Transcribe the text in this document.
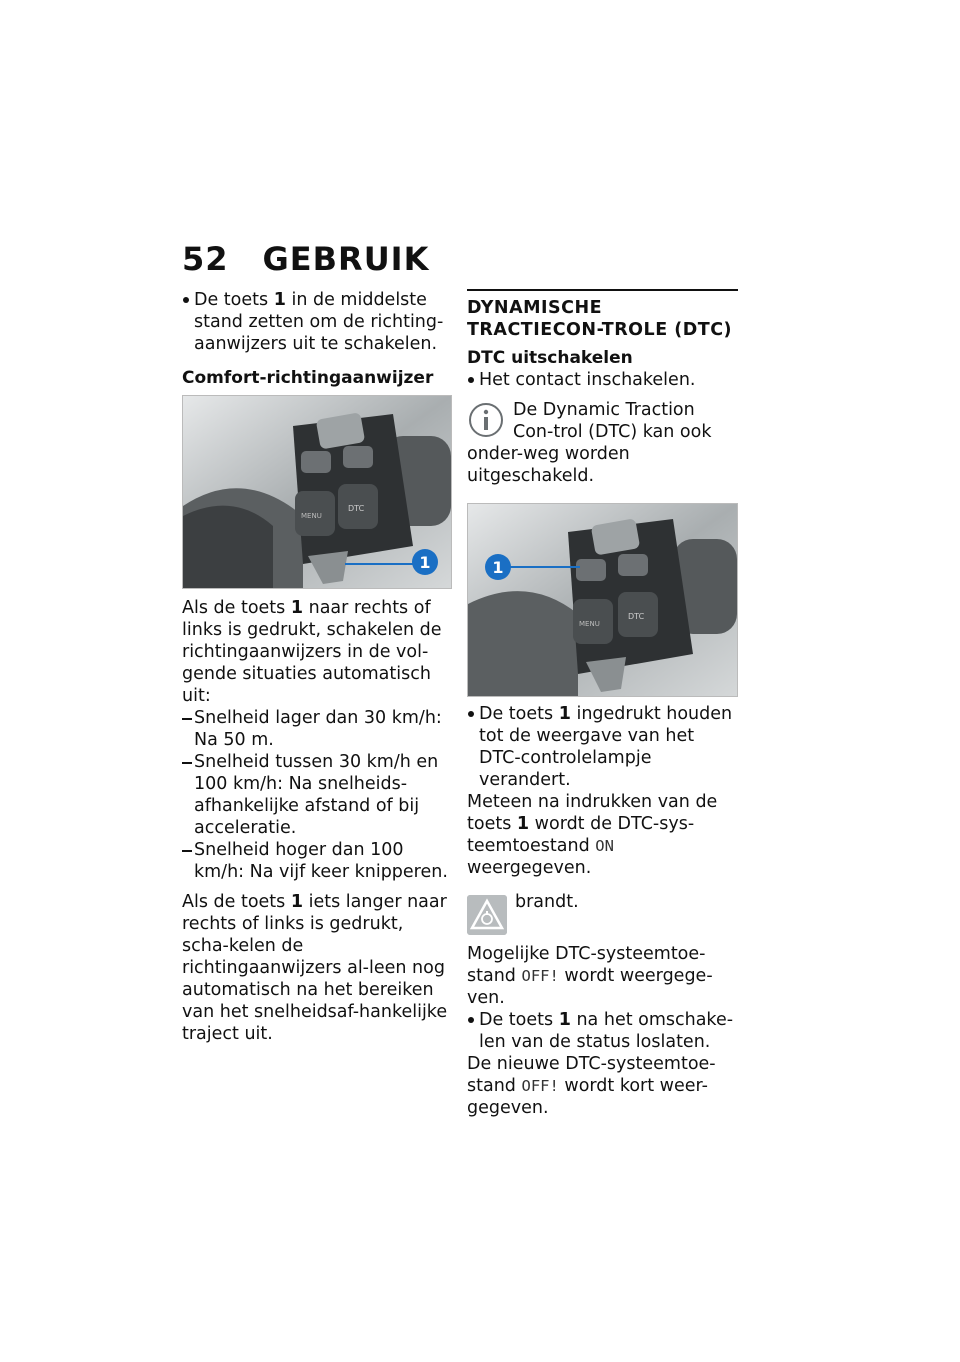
52 GEBRUIK

De toets 1 in de middelste stand zetten om de richting-aanwijzers uit te schakelen.

Comfort-richtingaanwijzer

MENU
DTC
1

Als de toets 1 naar rechts of links is gedrukt, schakelen de richtingaanwijzers in de vol-gende situaties automatisch uit:

Snelheid lager dan 30 km/h: Na 50 m.

Snelheid tussen 30 km/h en 100 km/h: Na snelheids-afhankelijke afstand of bij acceleratie.

Snelheid hoger dan 100 km/h: Na vijf keer knipperen.

Als de toets 1 iets langer naar rechts of links is gedrukt, scha-kelen de richtingaanwijzers al-leen nog automatisch na het bereiken van het snelheidsaf-hankelijke traject uit.

DYNAMISCHE TRACTIECON-TROLE (DTC)

DTC uitschakelen

Het contact inschakelen.

De Dynamic Traction Con-trol (DTC) kan ook onder-weg worden uitgeschakeld.
MENU
DTC
1

De toets 1 ingedrukt houden tot de weergave van het DTC-controlelampje verandert.

Meteen na indrukken van de toets 1 wordt de DTC-sys-teemtoestand ON weergegeven.

brandt.

Mogelijke DTC-systeemtoe-stand OFF! wordt weergege-ven.

De toets 1 na het omschake-len van de status loslaten.

De nieuwe DTC-systeemtoe-stand OFF! wordt kort weer-gegeven.
